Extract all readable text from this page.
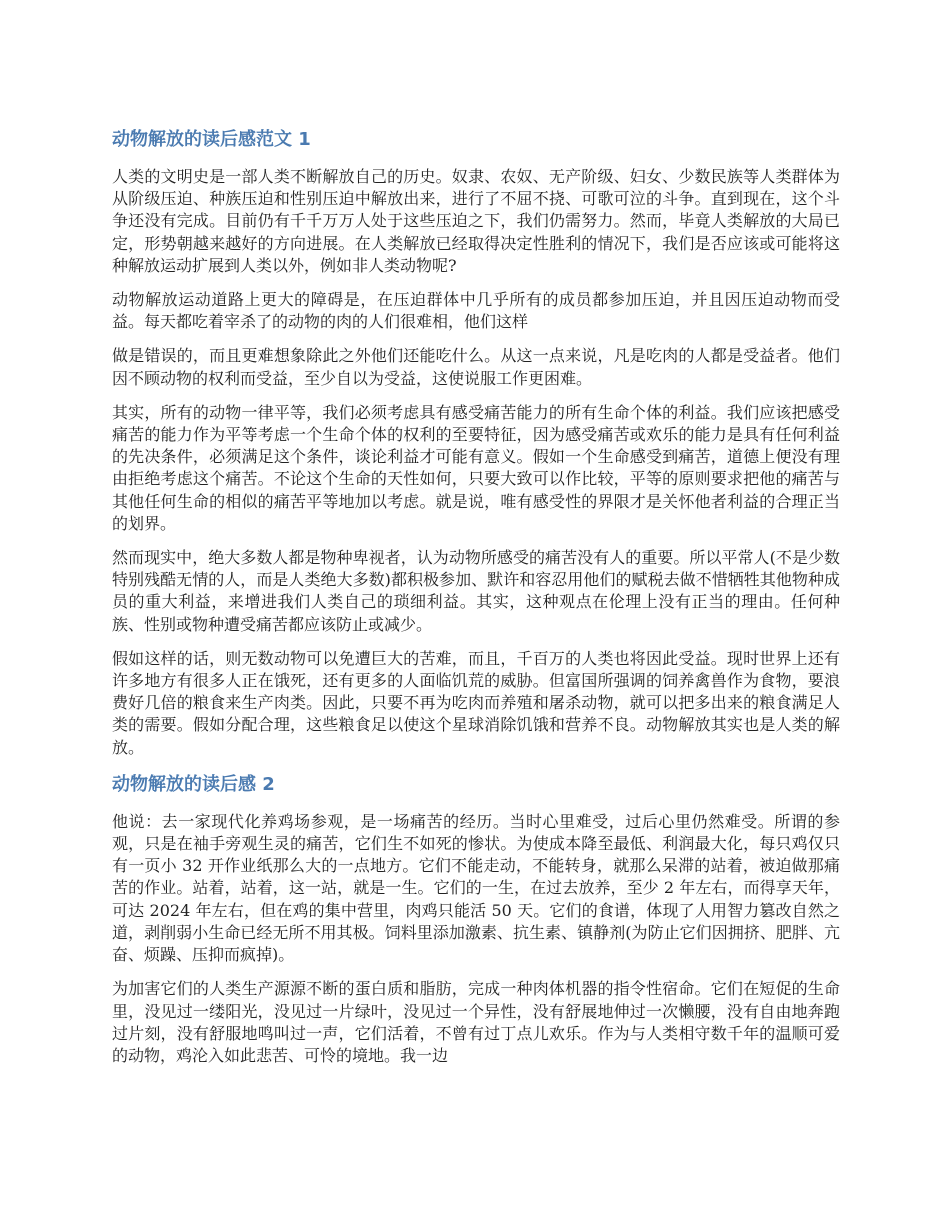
动物解放的读后感范文 1

人类的文明史是一部人类不断解放自己的历史。奴隶、农奴、无产阶级、妇女、少数民族等人类群体为从阶级压迫、种族压迫和性别压迫中解放出来，进行了不屈不挠、可歌可泣的斗争。直到现在，这个斗争还没有完成。目前仍有千千万万人处于这些压迫之下，我们仍需努力。然而，毕竟人类解放的大局已定，形势朝越来越好的方向进展。在人类解放已经取得决定性胜利的情况下，我们是否应该或可能将这种解放运动扩展到人类以外，例如非人类动物呢?

动物解放运动道路上更大的障碍是，在压迫群体中几乎所有的成员都参加压迫，并且因压迫动物而受益。每天都吃着宰杀了的动物的肉的人们很难相，他们这样

做是错误的，而且更难想象除此之外他们还能吃什么。从这一点来说，凡是吃肉的人都是受益者。他们因不顾动物的权利而受益，至少自以为受益，这使说服工作更困难。

其实，所有的动物一律平等，我们必须考虑具有感受痛苦能力的所有生命个体的利益。我们应该把感受痛苦的能力作为平等考虑一个生命个体的权利的至要特征，因为感受痛苦或欢乐的能力是具有任何利益的先决条件，必须满足这个条件，谈论利益才可能有意义。假如一个生命感受到痛苦，道德上便没有理由拒绝考虑这个痛苦。不论这个生命的天性如何，只要大致可以作比较，平等的原则要求把他的痛苦与其他任何生命的相似的痛苦平等地加以考虑。就是说，唯有感受性的界限才是关怀他者利益的合理正当的划界。

然而现实中，绝大多数人都是物种卑视者，认为动物所感受的痛苦没有人的重要。所以平常人(不是少数特别残酷无情的人，而是人类绝大多数)都积极参加、默许和容忍用他们的赋税去做不惜牺牲其他物种成员的重大利益，来增进我们人类自己的琐细利益。其实，这种观点在伦理上没有正当的理由。任何种族、性别或物种遭受痛苦都应该防止或减少。

假如这样的话，则无数动物可以免遭巨大的苦难，而且，千百万的人类也将因此受益。现时世界上还有许多地方有很多人正在饿死，还有更多的人面临饥荒的威胁。但富国所强调的饲养禽兽作为食物，要浪费好几倍的粮食来生产肉类。因此，只要不再为吃肉而养殖和屠杀动物，就可以把多出来的粮食满足人类的需要。假如分配合理，这些粮食足以使这个星球消除饥饿和营养不良。动物解放其实也是人类的解放。

动物解放的读后感 2

他说：去一家现代化养鸡场参观，是一场痛苦的经历。当时心里难受，过后心里仍然难受。所谓的参观，只是在袖手旁观生灵的痛苦，它们生不如死的惨状。为使成本降至最低、利润最大化，每只鸡仅只有一页小 32 开作业纸那么大的一点地方。它们不能走动，不能转身，就那么呆滞的站着，被迫做那痛苦的作业。站着，站着，这一站，就是一生。它们的一生，在过去放养，至少 2 年左右，而得享天年，可达 2024 年左右，但在鸡的集中营里，肉鸡只能活 50 天。它们的食谱，体现了人用智力篡改自然之道，剥削弱小生命已经无所不用其极。饲料里添加激素、抗生素、镇静剂(为防止它们因拥挤、肥胖、亢奋、烦躁、压抑而疯掉)。

为加害它们的人类生产源源不断的蛋白质和脂肪，完成一种肉体机器的指令性宿命。它们在短促的生命里，没见过一缕阳光，没见过一片绿叶，没见过一个异性，没有舒展地伸过一次懒腰，没有自由地奔跑过片刻，没有舒服地鸣叫过一声，它们活着，不曾有过丁点儿欢乐。作为与人类相守数千年的温顺可爱的动物，鸡沦入如此悲苦、可怜的境地。我一边
